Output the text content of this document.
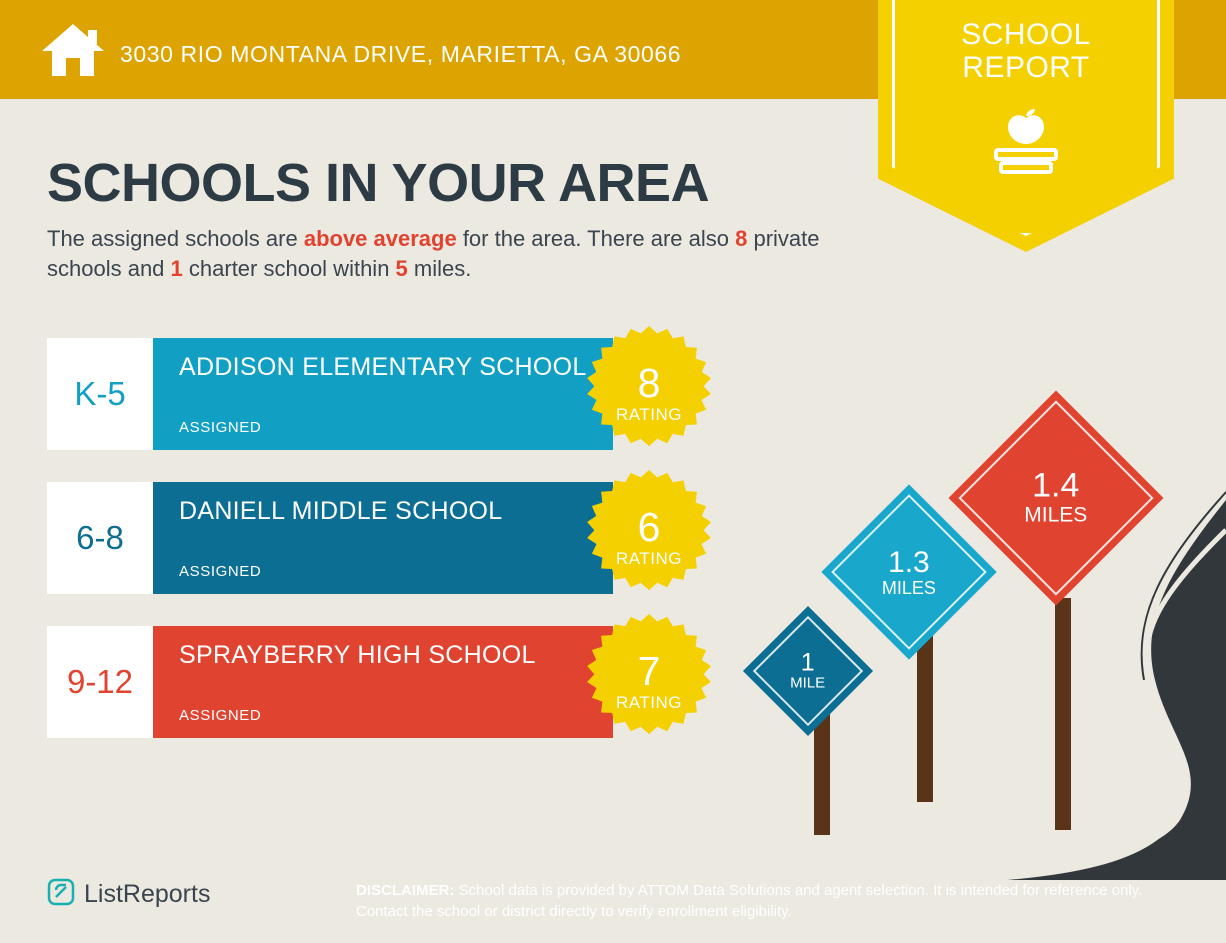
3030 RIO MONTANA DRIVE, MARIETTA, GA 30066
SCHOOL
REPORT
SCHOOLS IN YOUR AREA
The assigned schools are above average for the area. There are also 8 private schools and 1 charter school within 5 miles.
K-5
ADDISON ELEMENTARY SCHOOL
ASSIGNED
8
RATING
6-8
DANIELL MIDDLE SCHOOL
ASSIGNED
6
RATING
9-12
SPRAYBERRY HIGH SCHOOL
ASSIGNED
7
RATING
1
MILE
1.3
MILES
1.4
MILES
ListReports	DISCLAIMER: School data is provided by ATTOM Data Solutions and agent selection. It is intended for reference only. Contact the school or district directly to verify enrollment eligibility.
